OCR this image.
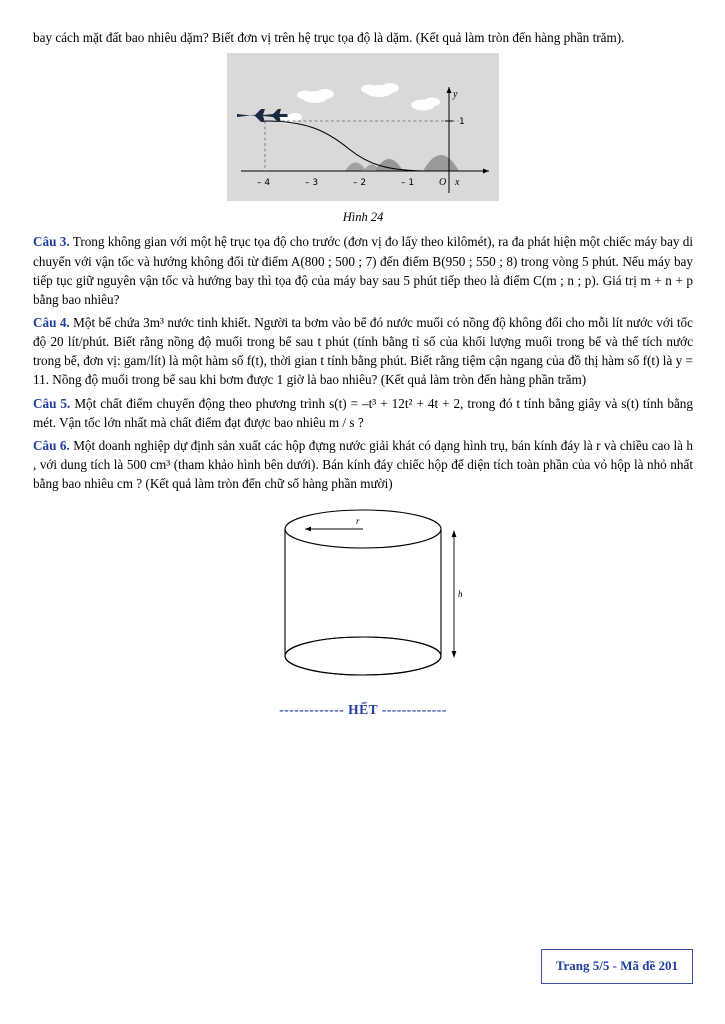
bay cách mặt đất bao nhiêu dặm? Biết đơn vị trên hệ trục tọa độ là dặm. (Kết quả làm tròn đến hàng phần trăm).

– 4	– 3	– 2	– 1 O x
y
1
Hình 24

Câu 3. Trong không gian với một hệ trục tọa độ cho trước (đơn vị đo lấy theo kilômét), ra đa phát hiện một chiếc máy bay di chuyển với vận tốc và hướng không đổi từ điểm A(800 ; 500 ; 7) đến điểm B(950 ; 550 ; 8) trong vòng 5 phút. Nếu máy bay tiếp tục giữ nguyên vận tốc và hướng bay thì tọa độ của máy bay sau 5 phút tiếp theo là điểm C(m ; n ; p). Giá trị m + n + p bằng bao nhiêu?

Câu 4. Một bể chứa 3m³ nước tinh khiết. Người ta bơm vào bể đó nước muối có nồng độ không đổi cho mỗi lít nước với tốc độ 20 lít/phút. Biết rằng nồng độ muối trong bể sau t phút (tính bằng tỉ số của khối lượng muối trong bể và thể tích nước trong bể, đơn vị: gam/lít) là một hàm số f(t), thời gian t tính bằng phút. Biết rằng tiệm cận ngang của đồ thị hàm số f(t) là y = 11. Nồng độ muối trong bể sau khi bơm được 1 giờ là bao nhiêu? (Kết quả làm tròn đến hàng phần trăm)

Câu 5. Một chất điểm chuyển động theo phương trình s(t) = –t³ + 12t² + 4t + 2, trong đó t tính bằng giây và s(t) tính bằng mét. Vận tốc lớn nhất mà chất điểm đạt được bao nhiêu m / s ?

Câu 6. Một doanh nghiệp dự định sản xuất các hộp đựng nước giải khát có dạng hình trụ, bán kính đáy là r và chiều cao là h , với dung tích là 500 cm³ (tham khảo hình bên dưới). Bán kính đáy chiếc hộp để diện tích toàn phần của vỏ hộp là nhỏ nhất bằng bao nhiêu cm ? (Kết quả làm tròn đến chữ số hàng phần mười)

r
h
------------- HẾT -------------
Trang 5/5 - Mã đề 201
